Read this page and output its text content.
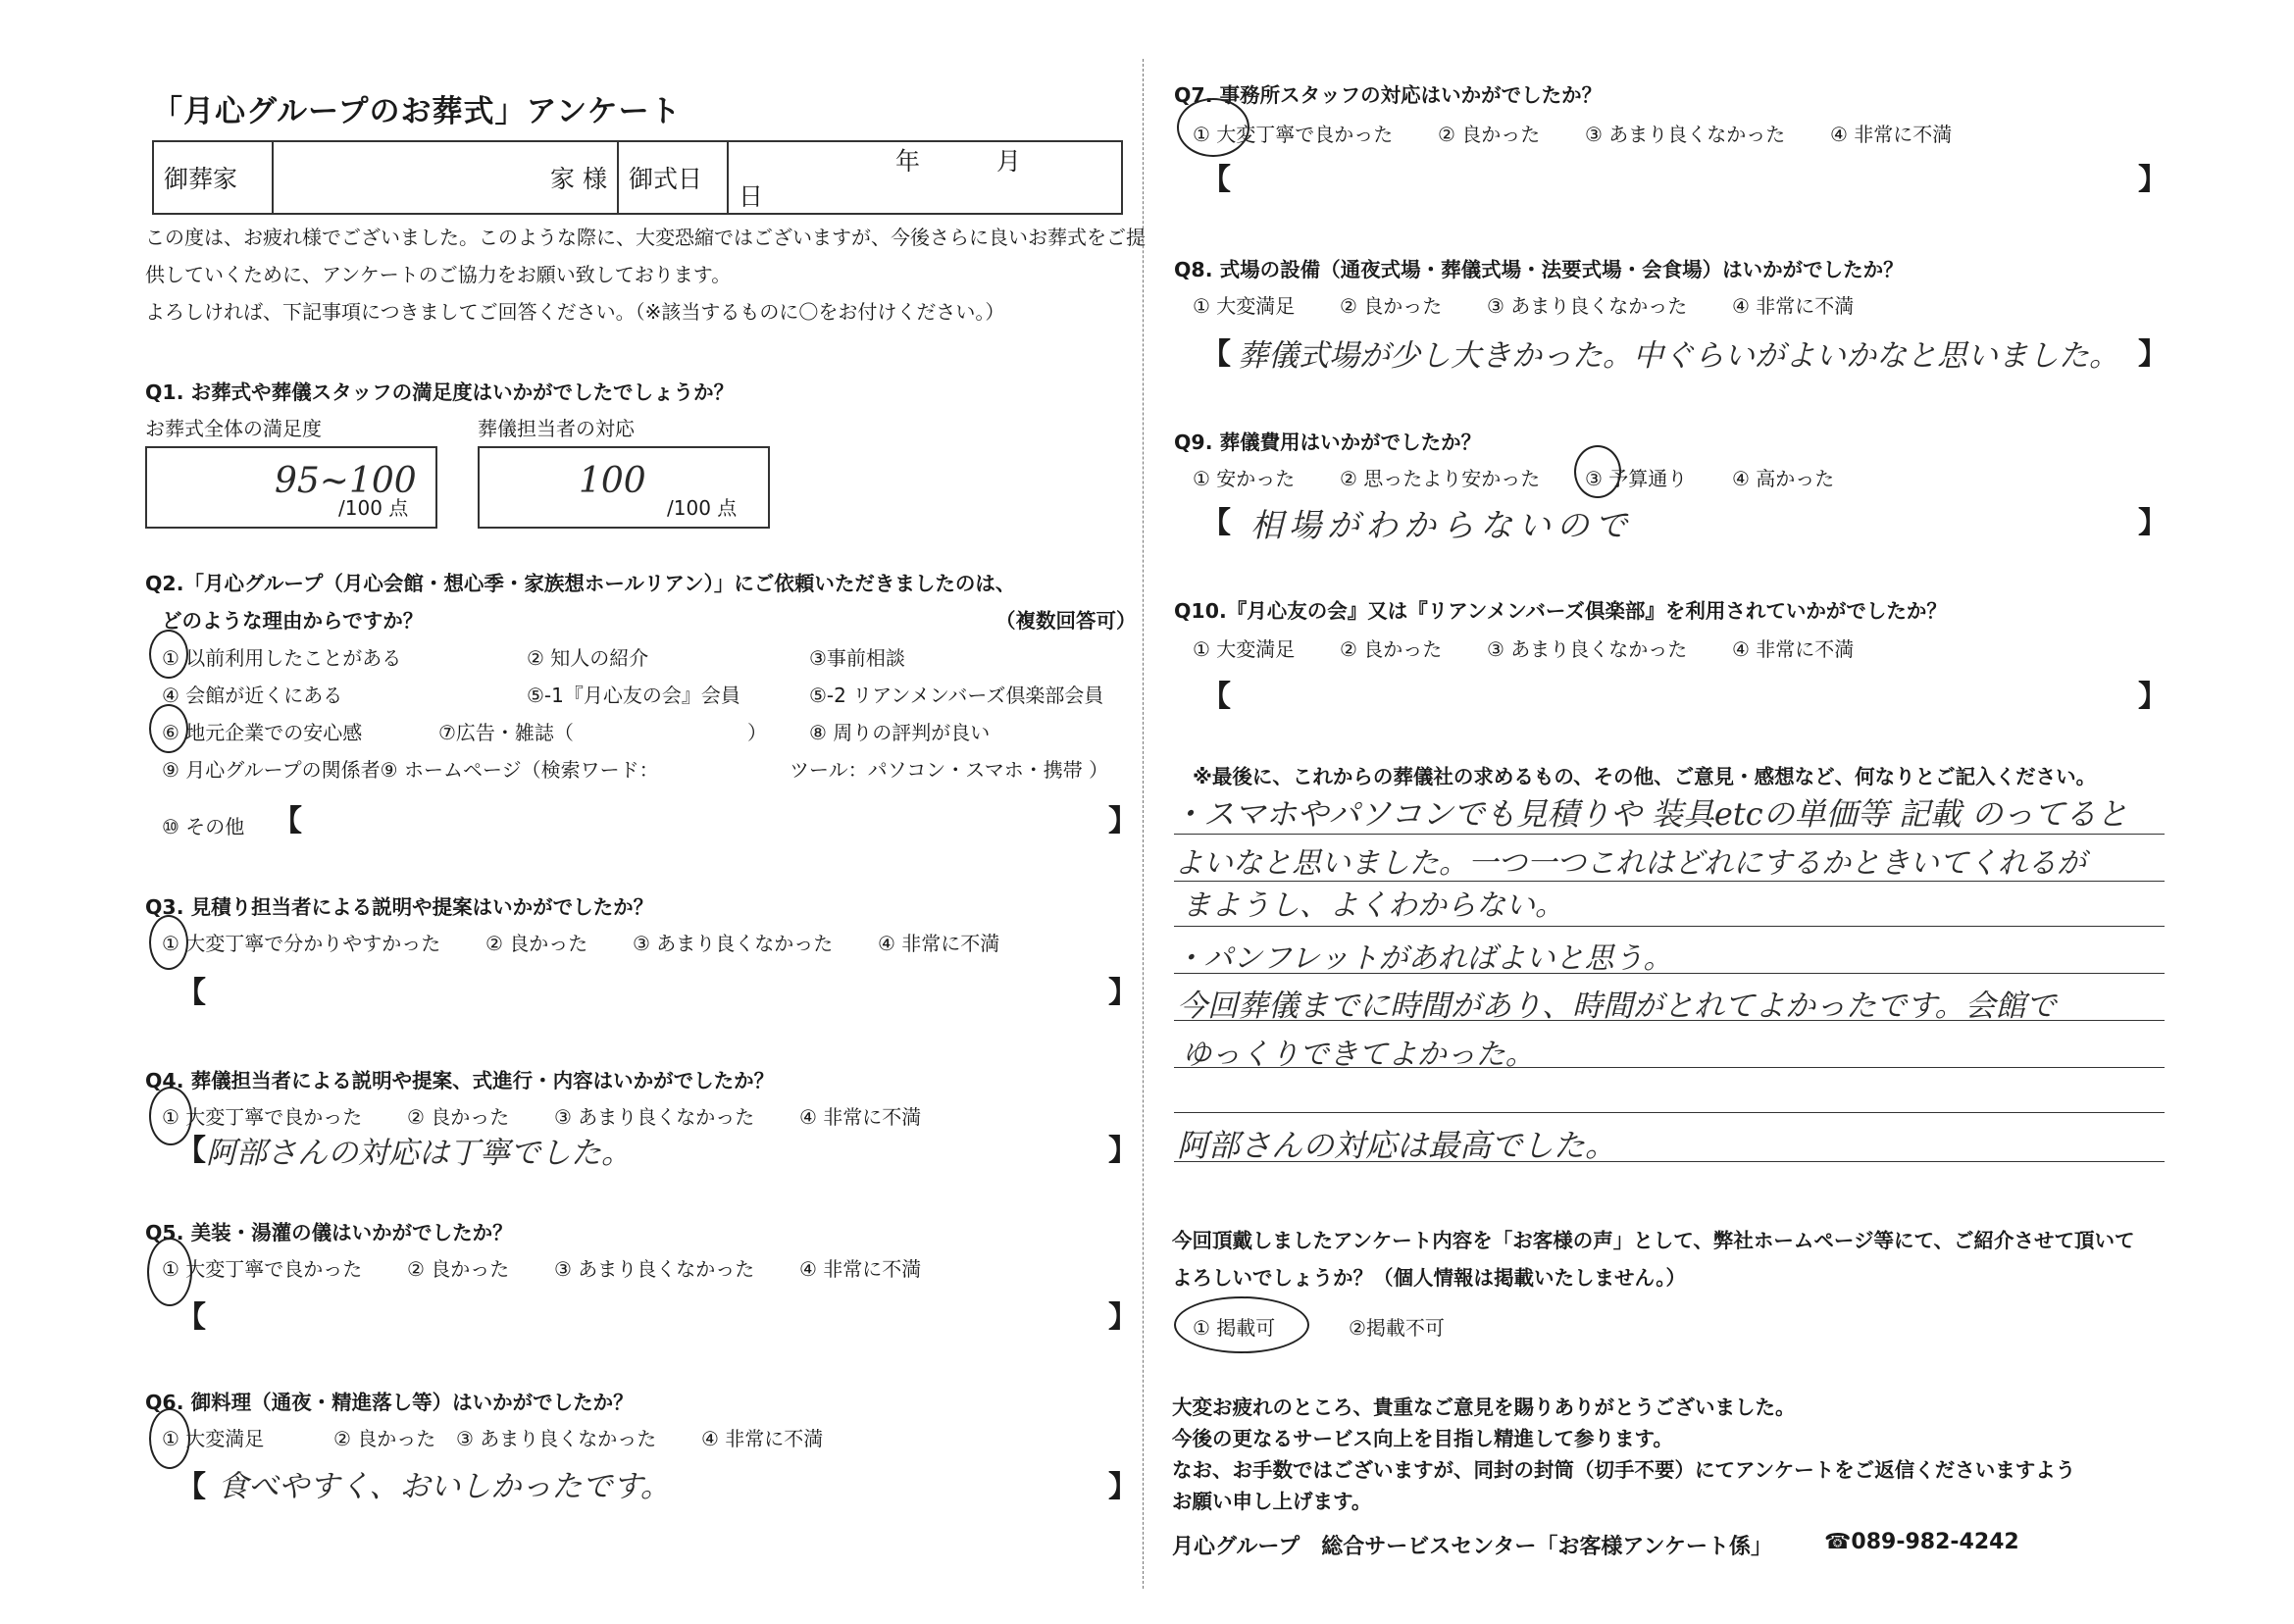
「月心グループのお葬式」アンケート
御葬家	家 様	御式日	年	月 日
この度は、お疲れ様でございました。このような際に、大変恐縮ではございますが、今後さらに良いお葬式をご提
供していくために、アンケートのご協力をお願い致しております。
よろしければ、下記事項につきましてご回答ください。（※該当するものに〇をお付けください。）
Q1. お葬式や葬儀スタッフの満足度はいかがでしたでしょうか？
お葬式全体の満足度	葬儀担当者の対応
95~100
/100 点
100
/100 点
Q2.「月心グループ（月心会館・想心季・家族想ホールリアン）」にご依頼いただきましたのは、
どのような理由からですか？	（複数回答可）
① 以前利用したことがある	② 知人の紹介	③事前相談
④ 会館が近くにある	⑤-1『月心友の会』会員	⑤-2 リアンメンバーズ倶楽部会員
⑥ 地元企業での安心感	⑦広告・雑誌（	） ⑧ 周りの評判が良い
⑨ 月心グループの関係者⑨ ホームページ（検索ワード：	ツール：パソコン・スマホ・携帯 ）
⑩ その他 【	】
Q3. 見積り担当者による説明や提案はいかがでしたか？
① 大変丁寧で分かりやすかった ② 良かった ③ あまり良くなかった ④ 非常に不満
【	】
Q4. 葬儀担当者による説明や提案、式進行・内容はいかがでしたか？
① 大変丁寧で良かった ② 良かった ③ あまり良くなかった ④ 非常に不満
【 阿部さんの対応は丁寧でした。	】
Q5. 美装・湯灌の儀はいかがでしたか？
① 大変丁寧で良かった ② 良かった ③ あまり良くなかった ④ 非常に不満
【	】
Q6. 御料理（通夜・精進落し等）はいかがでしたか？
① 大変満足	② 良かった ③ あまり良くなかった ④ 非常に不満
【 食べやすく、おいしかったです。	】
Q7. 事務所スタッフの対応はいかがでしたか？
① 大変丁寧で良かった ② 良かった ③ あまり良くなかった ④ 非常に不満
【	】
Q8. 式場の設備（通夜式場・葬儀式場・法要式場・会食場）はいかがでしたか？
① 大変満足 ② 良かった ③ あまり良くなかった ④ 非常に不満
【 葬儀式場が少し大きかった。中ぐらいがよいかなと思いました。 】
Q9. 葬儀費用はいかがでしたか？
① 安かった ② 思ったより安かった ③ 予算通り ④ 高かった
【 相場がわからないので	】
Q10.『月心友の会』又は『リアンメンバーズ倶楽部』を利用されていかがでしたか？
① 大変満足 ② 良かった ③ あまり良くなかった ④ 非常に不満
【	】
※最後に、これからの葬儀社の求めるもの、その他、ご意見・感想など、何なりとご記入ください。
・スマホやパソコンでも見積りや 装具etcの単価等 記載 のってると
よいなと思いました。一つ一つこれはどれにするかときいてくれるが
まようし、よくわからない。
・パンフレットがあればよいと思う。
今回葬儀までに時間があり、時間がとれてよかったです。会館で
ゆっくりできてよかった。
阿部さんの対応は最高でした。
今回頂戴しましたアンケート内容を「お客様の声」として、弊社ホームページ等にて、ご紹介させて頂いて
よろしいでしょうか？（個人情報は掲載いたしません。）
① 掲載可	②掲載不可
大変お疲れのところ、貴重なご意見を賜りありがとうございました。
今後の更なるサービス向上を目指し精進して参ります。
なお、お手数ではございますが、同封の封筒（切手不要）にてアンケートをご返信くださいますよう
お願い申し上げます。
月心グループ　総合サービスセンター「お客様アンケート係」 ☎089-982-4242
